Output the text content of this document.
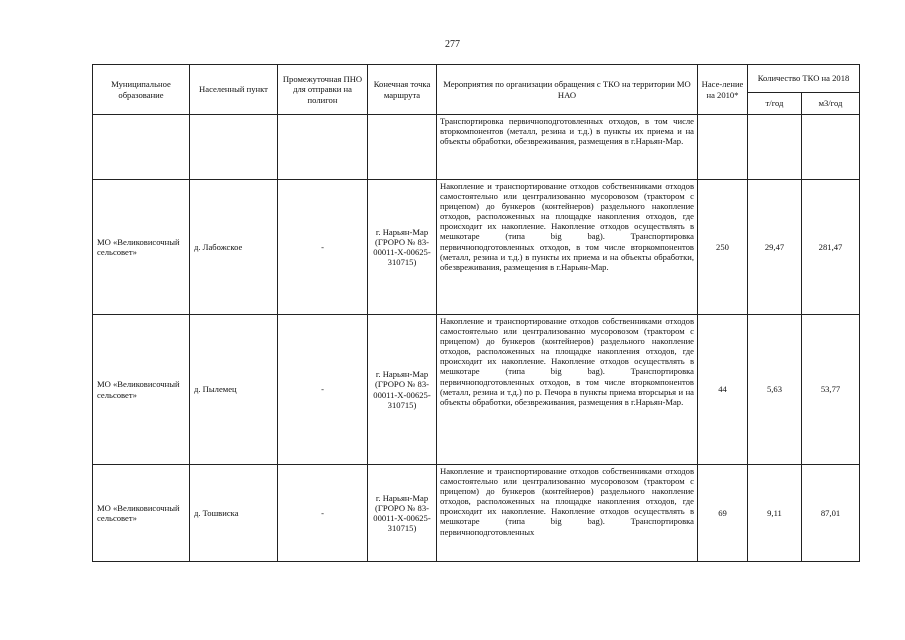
277
Муниципальное образование	Населенный пункт	Промежуточная ПНО для отправки на полигон	Конечная точка маршрута	Мероприятия по организации обращения с ТКО на территории МО НАО	Насе-ление на 2010*	Количество ТКО на 2018	
						т/год	м3/год
				Транспортировка первичноподготовленных отходов, в том числе вторкомпонентов (металл, резина и т.д.) в пункты их приема и на объекты обработки, обезвреживания, размещения в г.Нарьян-Мар.			
МО «Великовисочный сельсовет»	д. Лабожское	-	г. Нарьян-Мар (ГРОРО № 83-00011-Х-00625-310715)	Накопление и транспортирование отходов собственниками отходов самостоятельно или централизованно мусоровозом (трактором с прицепом) до бункеров (контейнеров) раздельного накопление отходов, расположенных на площадке накопления отходов, где происходит их накопление. Накопление отходов осуществлять в мешкотаре (типа big bag). Транспортировка первичноподготовленных отходов, в том числе вторкомпонентов (металл, резина и т.д.) в пункты их приема и на объекты обработки, обезвреживания, размещения в г.Нарьян-Мар.	250	29,47	281,47
МО «Великовисочный сельсовет»	д. Пылемец	-	г. Нарьян-Мар (ГРОРО № 83-00011-Х-00625-310715)	Накопление и транспортирование отходов собственниками отходов самостоятельно или централизованно мусоровозом (трактором с прицепом) до бункеров (контейнеров) раздельного накопление отходов, расположенных на площадке накопления отходов, где происходит их накопление. Накопление отходов осуществлять в мешкотаре (типа big bag). Транспортировка первичноподготовленных отходов, в том числе вторкомпонентов (металл, резина и т.д.) по р. Печора в пункты приема вторсырья и на объекты обработки, обезвреживания, размещения в г.Нарьян-Мар.	44	5,63	53,77
МО «Великовисочный сельсовет»	д. Тошвиска	-	г. Нарьян-Мар (ГРОРО № 83-00011-Х-00625-310715)	Накопление и транспортирование отходов собственниками отходов самостоятельно или централизованно мусоровозом (трактором с прицепом) до бункеров (контейнеров) раздельного накопление отходов, расположенных на площадке накопления отходов, где происходит их накопление. Накопление отходов осуществлять в мешкотаре (типа big bag). Транспортировка первичноподготовленных	69	9,11	87,01
